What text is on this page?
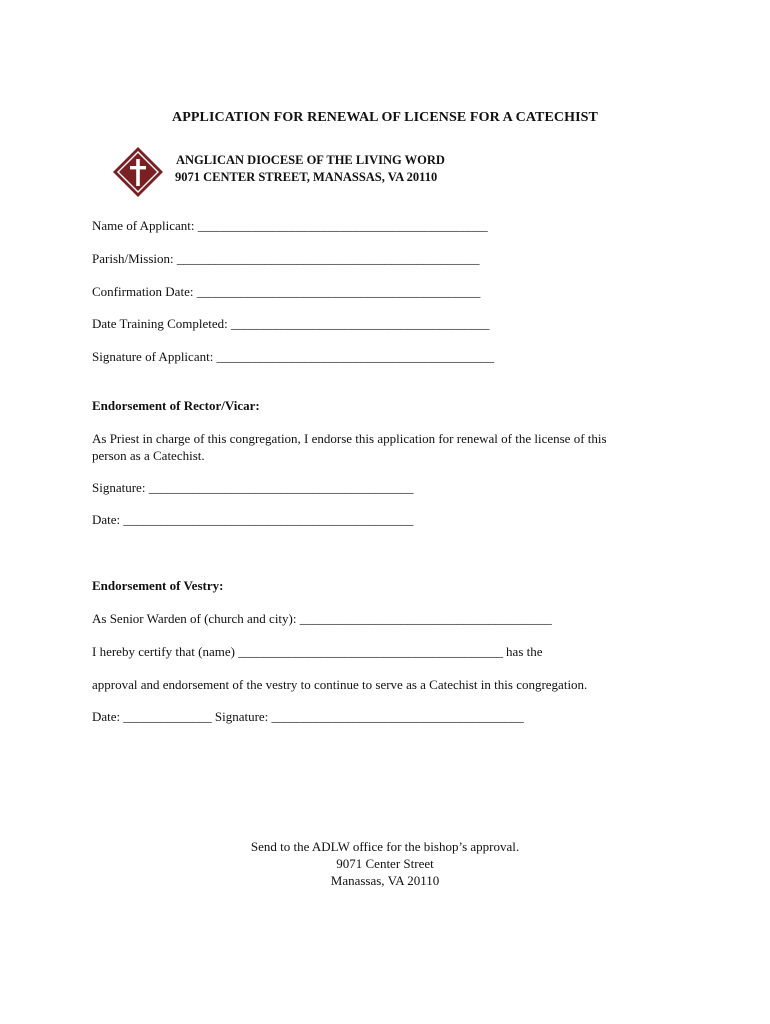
APPLICATION FOR RENEWAL OF LICENSE FOR A CATECHIST
ANGLICAN DIOCESE OF THE LIVING WORD
9071 CENTER STREET, MANASSAS, VA 20110
Name of Applicant: ______________________________________________
Parish/Mission: ________________________________________________
Confirmation Date: _____________________________________________
Date Training Completed: _________________________________________
Signature of Applicant: ____________________________________________
Endorsement of Rector/Vicar:
As Priest in charge of this congregation, I endorse this application for renewal of the license of this person as a Catechist.
Signature: __________________________________________
Date: ______________________________________________
Endorsement of Vestry:
As Senior Warden of (church and city): ________________________________________
I hereby certify that (name) __________________________________________ has the
approval and endorsement of the vestry to continue to serve as a Catechist in this congregation.
Date: ______________ Signature: ________________________________________
Send to the ADLW office for the bishop’s approval.
9071 Center Street
Manassas, VA 20110
